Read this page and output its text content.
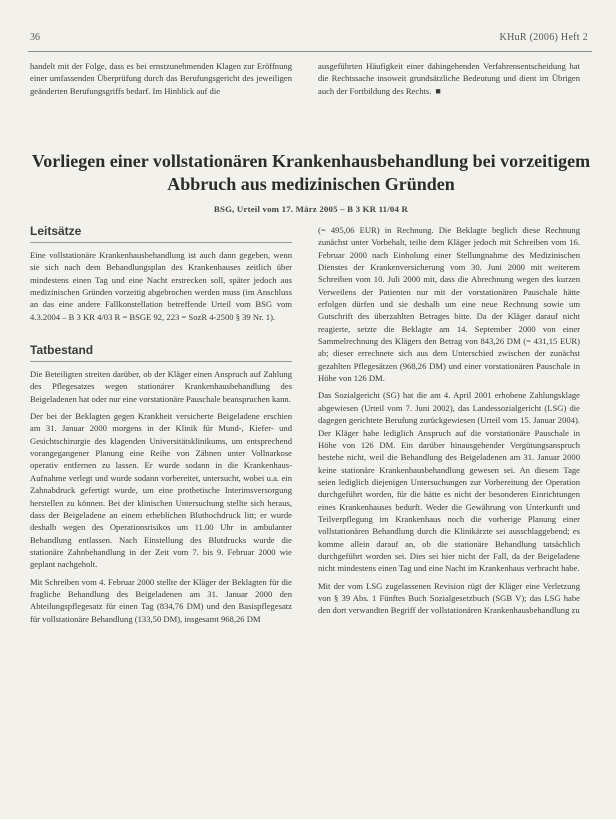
36	KHuR (2006) Heft 2

handelt mit der Folge, dass es bei ernstzunehmenden Klagen zur Eröffnung einer umfassenden Überprüfung durch das Berufungsgericht des jeweiligen geänderten Berufungsgriffs bedarf. Im Hinblick auf die

ausgeführten Häufigkeit einer dahingehenden Verfahrensentscheidung hat die Rechtssache insoweit grundsätzliche Bedeutung und dient im Übrigen auch der Fortbildung des Rechts. ■

Vorliegen einer vollstationären Krankenhausbehandlung bei vorzeitigem Abbruch aus medizinischen Gründen

BSG, Urteil vom 17. März 2005 – B 3 KR 11/04 R

Leitsätze

Eine vollstationäre Krankenhausbehandlung ist auch dann gegeben, wenn sie sich nach dem Behandlungsplan des Krankenhauses zeitlich über mindestens einen Tag und eine Nacht erstrecken soll, später jedoch aus medizinischen Gründen vorzeitig abgebrochen werden muss (im Anschluss an das eine andere Fallkonstellation betreffende Urteil vom BSG vom 4.3.2004 – B 3 KR 4/03 R = BSGE 92, 223 = SozR 4-2500 § 39 Nr. 1).

Tatbestand

Die Beteiligten streiten darüber, ob der Kläger einen Anspruch auf Zahlung des Pflegesatzes wegen stationärer Krankenhausbehandlung des Beigeladenen hat oder nur eine vorstationäre Pauschale beanspruchen kann.

Der bei der Beklagten gegen Krankheit versicherte Beigeladene erschien am 31. Januar 2000 morgens in der Klinik für Mund-, Kiefer- und Gesichtschirurgie des klagenden Universitätsklinikums, um entsprechend vorangegangener Planung eine Reihe von Zähnen unter Vollnarkose operativ entfernen zu lassen. Er wurde sodann in die Krankenhaus-Aufnahme verlegt und wurde sodann vorbereitet, untersucht, wobei u.a. ein Zahnabdruck gefertigt wurde, um eine prothetische Interimsversorgung herstellen zu können. Bei der klinischen Untersuchung stellte sich heraus, dass der Beigeladene an einem erheblichen Bluthochdruck litt; er wurde deshalb wegen des Operationsrisikos um 11.00 Uhr in ambulanter Behandlung entlassen. Nach Einstellung des Blutdrucks wurde die stationäre Zahnbehandlung in der Zeit vom 7. bis 9. Februar 2000 wie geplant nachgeholt.

Mit Schreiben vom 4. Februar 2000 stellte der Kläger der Beklagten für die fragliche Behandlung des Beigeladenen am 31. Januar 2000 den Abteilungspflegesatz für einen Tag (834,76 DM) und den Basispflegesatz für vollstationäre Behandlung (133,50 DM), insgesamt 968,26 DM

(= 495,06 EUR) in Rechnung. Die Beklagte beglich diese Rechnung zunächst unter Vorbehalt, teilte dem Kläger jedoch mit Schreiben vom 16. Februar 2000 nach Einholung einer Stellungnahme des Medizinischen Dienstes der Krankenversicherung vom 30. Juni 2000 mit weiterem Schreiben vom 10. Juli 2000 mit, dass die Abrechnung wegen des kurzen Verweilens der Patienten nur mit der vorstationären Pauschale hätte erfolgen dürfen und sie deshalb um eine neue Rechnung sowie um Gutschrift des überzahlten Betrages bitte. Da der Kläger darauf nicht reagierte, setzte die Beklagte am 14. September 2000 von einer Sammelrechnung des Klägers den Betrag von 843,26 DM (= 431,15 EUR) ab; dieser errechnete sich aus dem Unterschied zwischen der zunächst gezahlten Pflegesätzen (968,26 DM) und einer vorstationären Pauschale in Höhe von 126 DM.

Das Sozialgericht (SG) hat die am 4. April 2001 erhobene Zahlungsklage abgewiesen (Urteil vom 7. Juni 2002), das Landessozialgericht (LSG) die dagegen gerichtete Berufung zurückgewiesen (Urteil vom 15. Januar 2004). Der Kläger habe lediglich Anspruch auf die vorstationäre Pauschale in Höhe von 126 DM. Ein darüber hinausgehender Vergütungsanspruch bestehe nicht, weil die Behandlung des Beigeladenen am 31. Januar 2000 keine stationäre Krankenhausbehandlung gewesen sei. An diesem Tage seien lediglich diejenigen Untersuchungen zur Vorbereitung der Operation durchgeführt worden, für die hätte es nicht der besonderen Einrichtungen eines Krankenhauses bedurft. Weder die Gewährung von Unterkunft und Teilverpflegung im Krankenhaus noch die vorherige Planung einer vollstationären Behandlung durch die Klinikärzte sei ausschlaggebend; es komme allein darauf an, ob die stationäre Behandlung tatsächlich durchgeführt worden sei. Dies sei hier nicht der Fall, da der Beigeladene nicht mindestens einen Tag und eine Nacht im Krankenhaus verbracht habe.

Mit der vom LSG zugelassenen Revision rügt der Kläger eine Verletzung von § 39 Abs. 1 Fünftes Buch Sozialgesetzbuch (SGB V); das LSG habe den dort verwandten Begriff der vollstationären Krankenhausbehandlung zu
